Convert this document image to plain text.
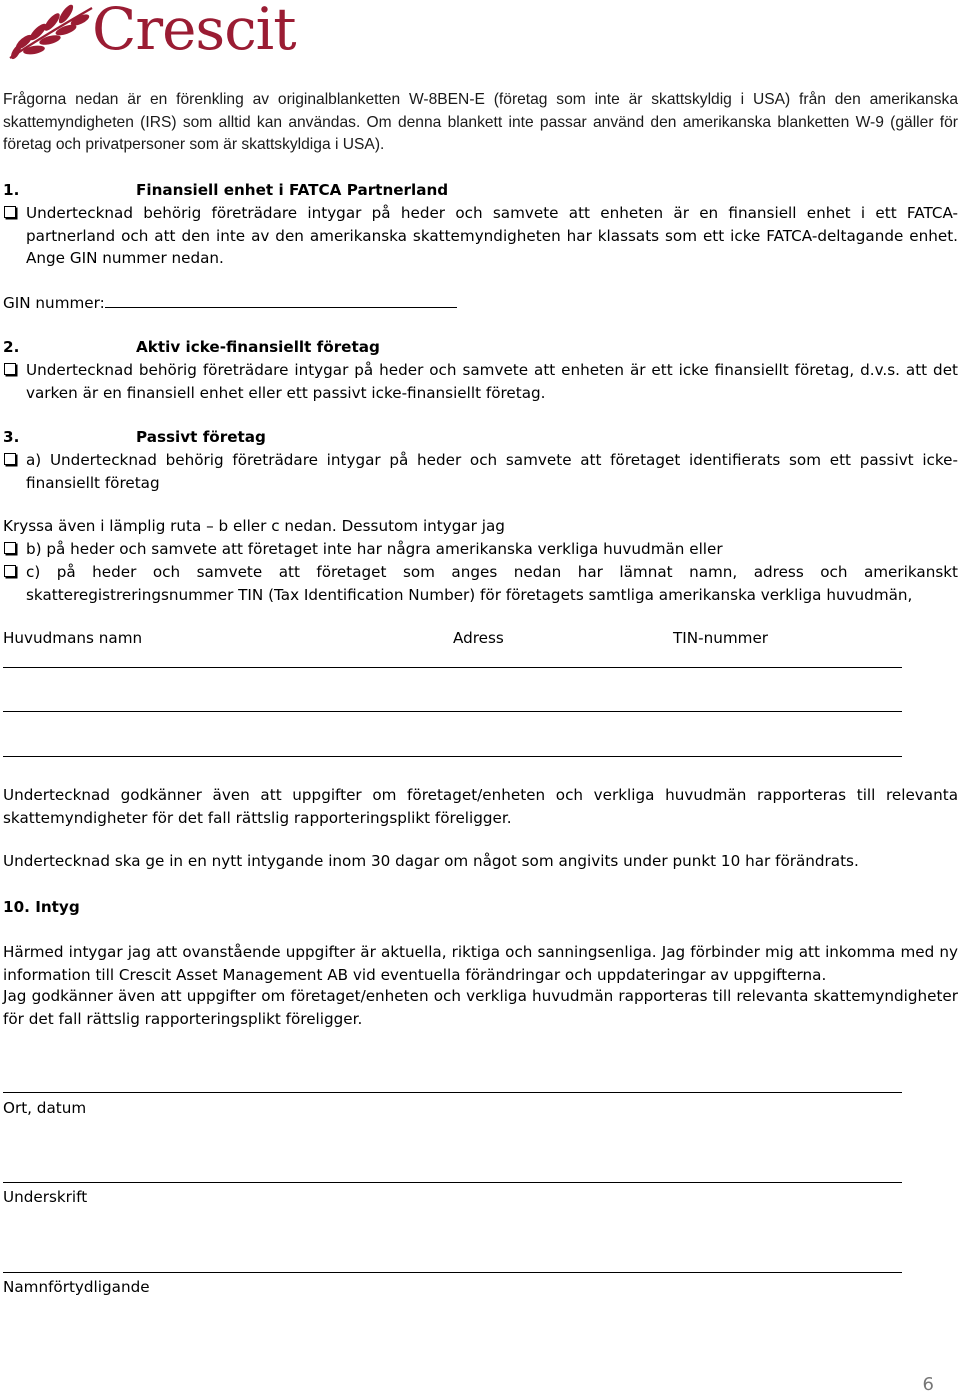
Crescit

Frågorna nedan är en förenkling av originalblanketten W-8BEN-E (företag som inte är skattskyldig i USA) från den amerikanska skattemyndigheten (IRS) som alltid kan användas. Om denna blankett inte passar använd den amerikanska blanketten W-9 (gäller för företag och privatpersoner som är skattskyldiga i USA).

1.	Finansiell enhet i FATCA Partnerland

Undertecknad behörig företrädare intygar på heder och samvete att enheten är en finansiell enhet i ett FATCA-partnerland och att den inte av den amerikanska skattemyndigheten har klassats som ett icke FATCA-deltagande enhet. Ange GIN nummer nedan.

GIN nummer:

2.	Aktiv icke-finansiellt företag

Undertecknad behörig företrädare intygar på heder och samvete att enheten är ett icke finansiellt företag, d.v.s. att det varken är en finansiell enhet eller ett passivt icke-finansiellt företag.

3.	Passivt företag

a) Undertecknad behörig företrädare intygar på heder och samvete att företaget identifierats som ett passivt icke-finansiellt företag

Kryssa även i lämplig ruta – b eller c nedan. Dessutom intygar jag

b) på heder och samvete att företaget inte har några amerikanska verkliga huvudmän eller

c) på heder och samvete att företaget som anges nedan har lämnat namn, adress och amerikanskt skatteregistreringsnummer TIN (Tax Identification Number) för företagets samtliga amerikanska verkliga huvudmän,

Huvudmans namn	Adress	TIN-nummer

Undertecknad godkänner även att uppgifter om företaget/enheten och verkliga huvudmän rapporteras till relevanta skattemyndigheter för det fall rättslig rapporteringsplikt föreligger.

Undertecknad ska ge in en nytt intygande inom 30 dagar om något som angivits under punkt 10 har förändrats.

10. Intyg

Härmed intygar jag att ovanstående uppgifter är aktuella, riktiga och sanningsenliga. Jag förbinder mig att inkomma med ny information till Crescit Asset Management AB vid eventuella förändringar och uppdateringar av uppgifterna.

Jag godkänner även att uppgifter om företaget/enheten och verkliga huvudmän rapporteras till relevanta skattemyndigheter för det fall rättslig rapporteringsplikt föreligger.

Ort, datum

Underskrift

Namnförtydligande

6
